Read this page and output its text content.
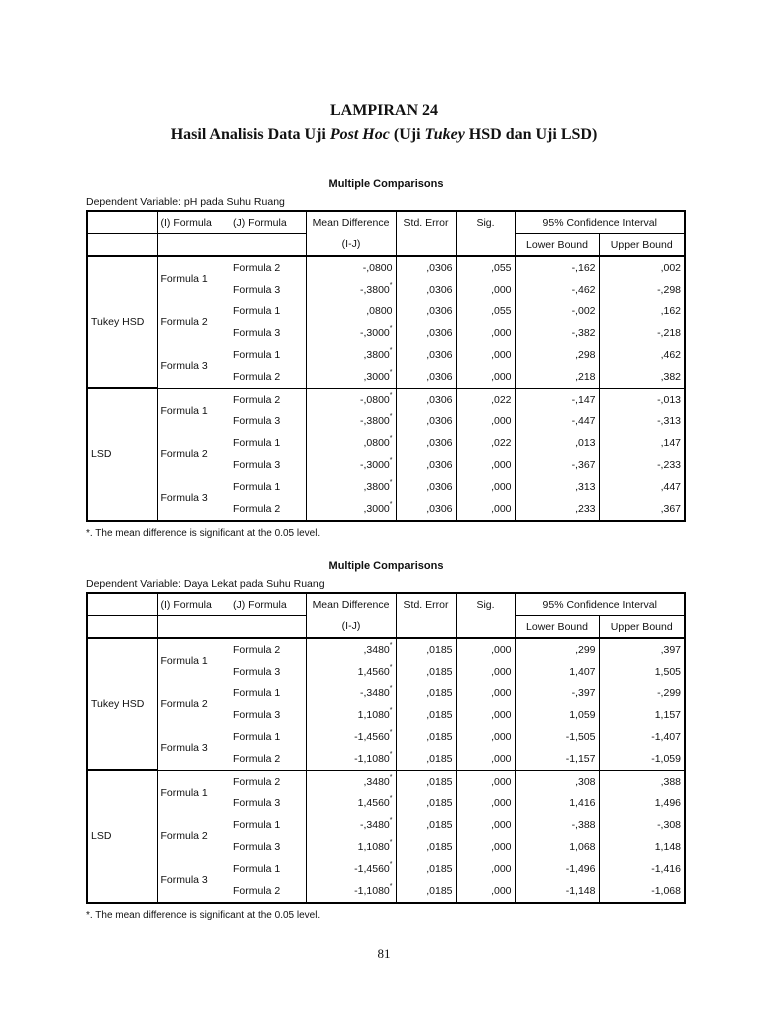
LAMPIRAN 24
Hasil Analisis Data Uji Post Hoc (Uji Tukey HSD dan Uji LSD)
Multiple Comparisons
Dependent Variable: pH pada Suhu Ruang
	(I) Formula	(J) Formula	Mean Difference	Std. Error	Sig.	95% Confidence Interval	
			(I-J)			Lower Bound	Upper Bound
Tukey HSD	Formula 1	Formula 2	-,0800	,0306	,055	-,162	,002
		Formula 3	-,3800*	,0306	,000	-,462	-,298
	Formula 2	Formula 1	,0800	,0306	,055	-,002	,162
		Formula 3	-,3000*	,0306	,000	-,382	-,218
	Formula 3	Formula 1	,3800*	,0306	,000	,298	,462
		Formula 2	,3000*	,0306	,000	,218	,382
LSD	Formula 1	Formula 2	-,0800*	,0306	,022	-,147	-,013
		Formula 3	-,3800*	,0306	,000	-,447	-,313
	Formula 2	Formula 1	,0800*	,0306	,022	,013	,147
		Formula 3	-,3000*	,0306	,000	-,367	-,233
	Formula 3	Formula 1	,3800*	,0306	,000	,313	,447
		Formula 2	,3000*	,0306	,000	,233	,367
*. The mean difference is significant at the 0.05 level.
Multiple Comparisons
Dependent Variable: Daya Lekat pada Suhu Ruang
	(I) Formula	(J) Formula	Mean Difference	Std. Error	Sig.	95% Confidence Interval	
			(I-J)			Lower Bound	Upper Bound
Tukey HSD	Formula 1	Formula 2	,3480*	,0185	,000	,299	,397
		Formula 3	1,4560*	,0185	,000	1,407	1,505
	Formula 2	Formula 1	-,3480*	,0185	,000	-,397	-,299
		Formula 3	1,1080*	,0185	,000	1,059	1,157
	Formula 3	Formula 1	-1,4560*	,0185	,000	-1,505	-1,407
		Formula 2	-1,1080*	,0185	,000	-1,157	-1,059
LSD	Formula 1	Formula 2	,3480*	,0185	,000	,308	,388
		Formula 3	1,4560*	,0185	,000	1,416	1,496
	Formula 2	Formula 1	-,3480*	,0185	,000	-,388	-,308
		Formula 3	1,1080*	,0185	,000	1,068	1,148
	Formula 3	Formula 1	-1,4560*	,0185	,000	-1,496	-1,416
		Formula 2	-1,1080*	,0185	,000	-1,148	-1,068
*. The mean difference is significant at the 0.05 level.
81
